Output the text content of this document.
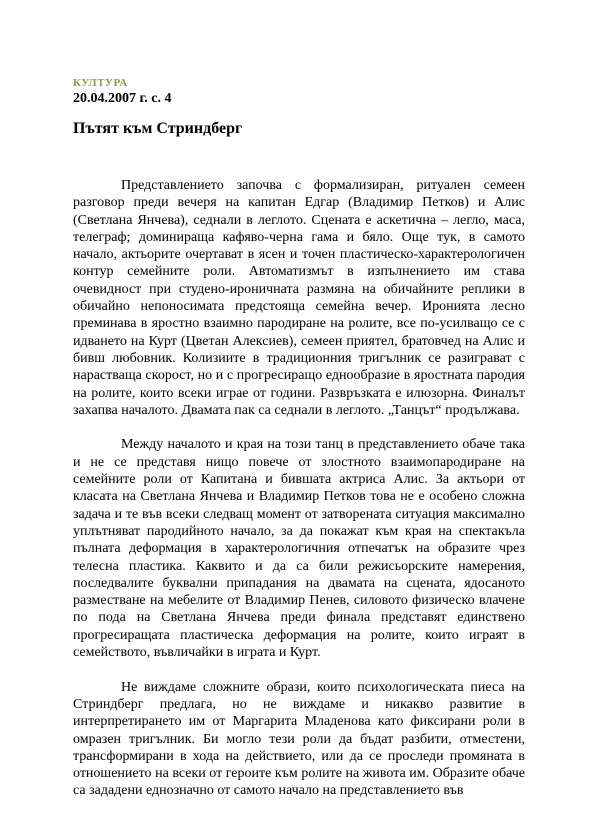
КУЛТУРА
20.04.2007 г. с. 4
Пътят към Стриндберг

Представлението започва с формализиран, ритуален семеен разговор преди вечеря на капитан Едгар (Владимир Петков) и Алис (Светлана Янчева), седнали в леглото. Сцената е аскетична – легло, маса, телеграф; доминираща кафяво-черна гама и бяло. Още тук, в самото начало, актьорите очертават в ясен и точен пластическо-характерологичен контур семейните роли. Автоматизмът в изпълнението им става очевидност при студено-ироничната размяна на обичайните реплики в обичайно непоносимата предстояща семейна вечер. Иронията лесно преминава в яростно взаимно пародиране на ролите, все по-усилващо се с идването на Курт (Цветан Алексиев), семеен приятел, братовчед на Алис и бивш любовник. Колизиите в традиционния тригълник се разиграват с нарастваща скорост, но и с прогресиращо еднообразие в яростната пародия на ролите, които всеки играе от години. Развръзката е илюзорна. Финалът захапва началото. Двамата пак са седнали в леглото. „Танцът“ продължава.

Между началото и края на този танц в представлението обаче така и не се представя нищо повече от злостното взаимопародиране на семейните роли от Капитана и бившата актриса Алис. За актьори от класата на Светлана Янчева и Владимир Петков това не е особено сложна задача и те във всеки следващ момент от затворената ситуация максимално уплътняват пародийното начало, за да покажат към края на спектакъла пълната деформация в характерологичния отпечатък на образите чрез телесна пластика. Каквито и да са били режисьорските намерения, последвалите буквални припадания на двамата на сцената, ядосаното разместване на мебелите от Владимир Пенев, силовото физическо влачене по пода на Светлана Янчева преди финала представят единствено прогресиращата пластическа деформация на ролите, които играят в семейството, въвличайки в играта и Курт.

Не виждаме сложните образи, които психологическата пиеса на Стриндберг предлага, но не виждаме и никакво развитие в интерпретирането им от Маргарита Младенова като фиксирани роли в омразен тригълник. Би могло тези роли да бъдат разбити, отместени, трансформирани в хода на действието, или да се проследи промяната в отношението на всеки от героите към ролите на живота им. Образите обаче са зададени еднозначно от самото начало на представлението във
